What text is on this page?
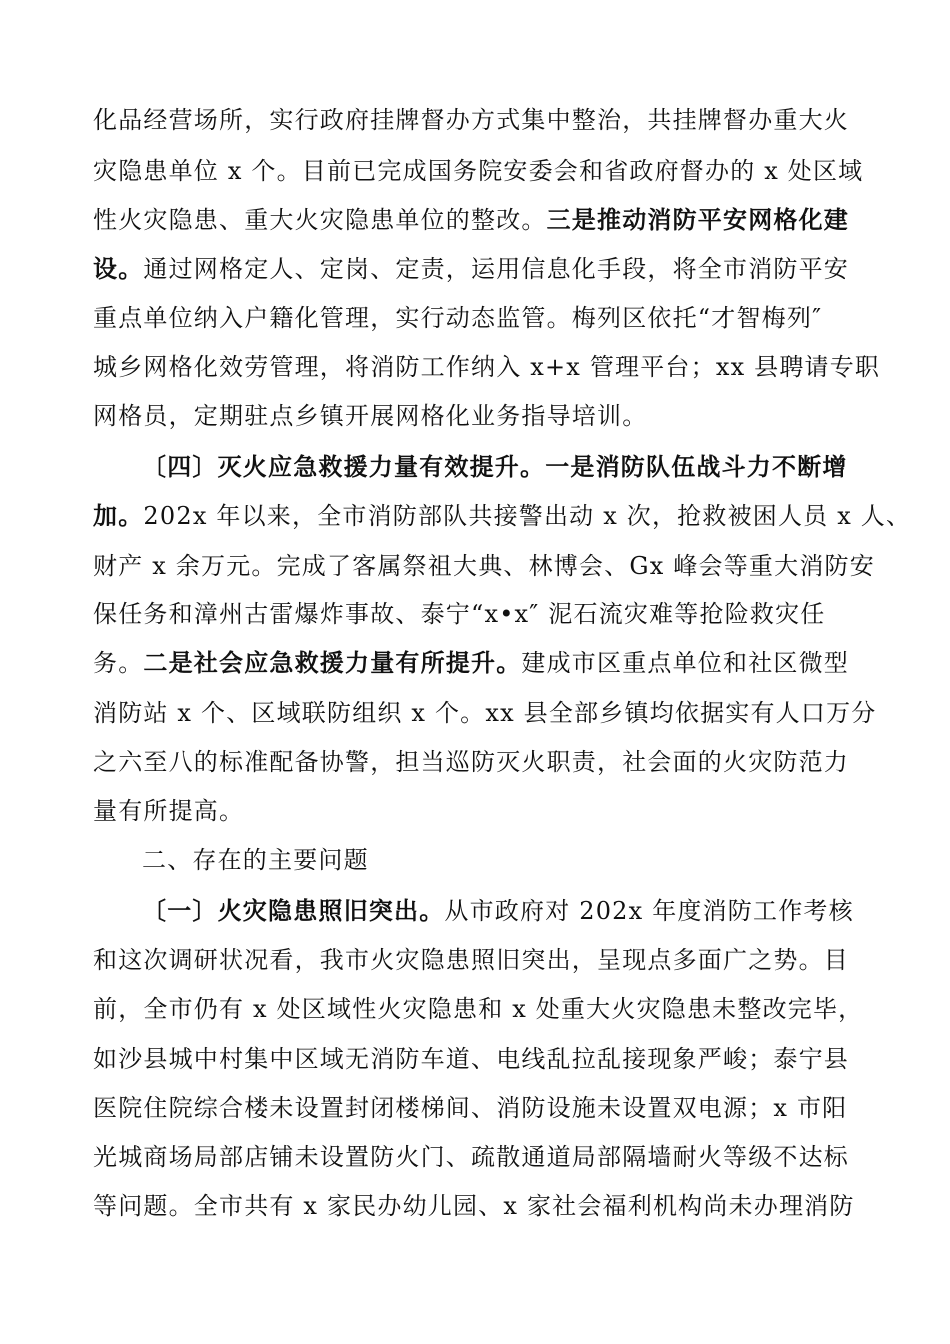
化品经营场所，实行政府挂牌督办方式集中整治，共挂牌督办重大火
灾隐患单位 x 个。目前已完成国务院安委会和省政府督办的 x 处区域
性火灾隐患、重大火灾隐患单位的整改。三是推动消防平安网格化建
设。通过网格定人、定岗、定责，运用信息化手段，将全市消防平安
重点单位纳入户籍化管理，实行动态监管。梅列区依托“才智梅列″
城乡网格化效劳管理，将消防工作纳入 x+x 管理平台；xx 县聘请专职
网格员，定期驻点乡镇开展网格化业务指导培训。
〔四〕灭火应急救援力量有效提升。一是消防队伍战斗力不断增
加。202x 年以来，全市消防部队共接警出动 x 次，抢救被困人员 x 人、
财产 x 余万元。完成了客属祭祖大典、林博会、Gx 峰会等重大消防安
保任务和漳州古雷爆炸事故、泰宁“x•x″ 泥石流灾难等抢险救灾任
务。二是社会应急救援力量有所提升。建成市区重点单位和社区微型
消防站 x 个、区域联防组织 x 个。xx 县全部乡镇均依据实有人口万分
之六至八的标准配备协警，担当巡防灭火职责，社会面的火灾防范力
量有所提高。
二、存在的主要问题
〔一〕火灾隐患照旧突出。从市政府对 202x 年度消防工作考核
和这次调研状况看，我市火灾隐患照旧突出，呈现点多面广之势。目
前，全市仍有 x 处区域性火灾隐患和 x 处重大火灾隐患未整改完毕，
如沙县城中村集中区域无消防车道、电线乱拉乱接现象严峻；泰宁县
医院住院综合楼未设置封闭楼梯间、消防设施未设置双电源；x 市阳
光城商场局部店铺未设置防火门、疏散通道局部隔墙耐火等级不达标
等问题。全市共有 x 家民办幼儿园、x 家社会福利机构尚未办理消防
